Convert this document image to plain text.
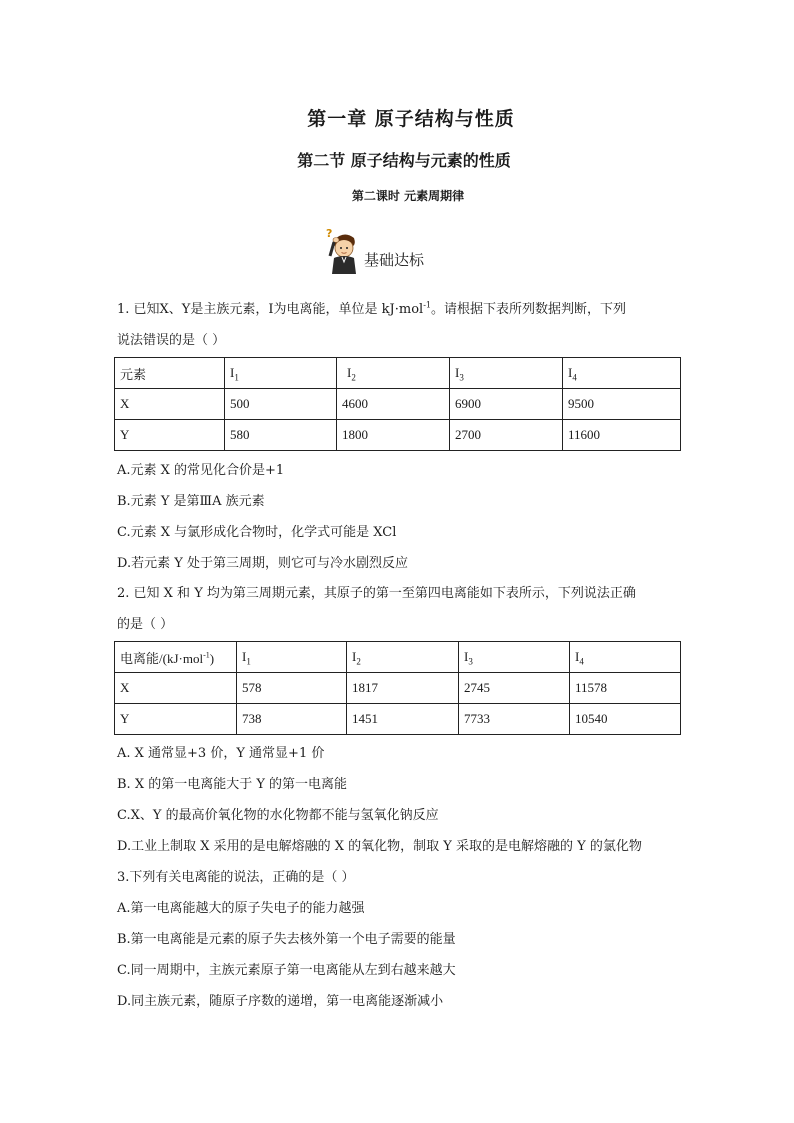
第一章 原子结构与性质
第二节 原子结构与元素的性质
第二课时 元素周期律
?
基础达标
1. 已知X、Y是主族元素，I为电离能，单位是 kJ·mol$^{-1}$。请根据下表所列数据判断，下列
说法错误的是（ ）
元素	$I_1$	$I_2$	$I_3$	$I_4$
X	500	4600	6900	9500
Y	580	1800	2700	11600
A.元素 X 的常见化合价是+1
B.元素 Y 是第ⅢA 族元素
C.元素 X 与氯形成化合物时，化学式可能是 XCl
D.若元素 Y 处于第三周期，则它可与冷水剧烈反应
2. 已知 X 和 Y 均为第三周期元素，其原子的第一至第四电离能如下表所示，下列说法正确
的是（ ）
电离能/(kJ·mol$^{-1}$)	$I_1$	$I_2$	$I_3$	$I_4$
X	578	1817	2745	11578
Y	738	1451	7733	10540
A. X 通常显+3 价，Y 通常显+1 价
B. X 的第一电离能大于 Y 的第一电离能
C.X、Y 的最高价氧化物的水化物都不能与氢氧化钠反应
D.工业上制取 X 采用的是电解熔融的 X 的氧化物，制取 Y 采取的是电解熔融的 Y 的氯化物
3.下列有关电离能的说法，正确的是（ ）
A.第一电离能越大的原子失电子的能力越强
B.第一电离能是元素的原子失去核外第一个电子需要的能量
C.同一周期中，主族元素原子第一电离能从左到右越来越大
D.同主族元素，随原子序数的递增，第一电离能逐渐减小
